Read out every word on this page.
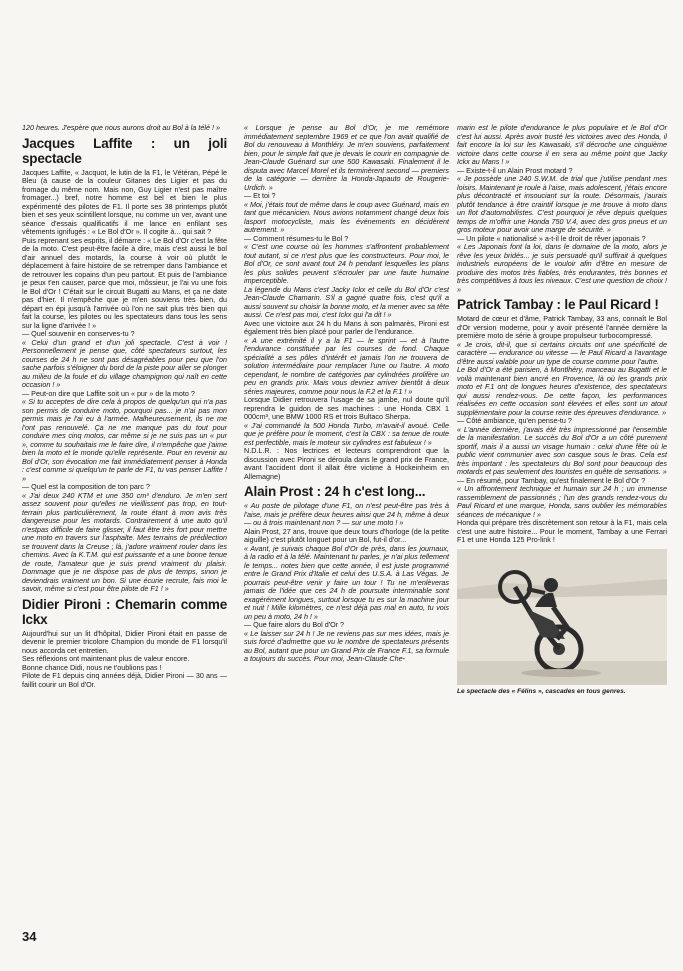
120 heures. J'espère que nous aurons droit au Bol à la télé ! »

Jacques Laffite : un joli spectacle

Jacques Laffite, « Jacquot, le lutin de la F1, le Vétéran, Pépé le Bleu (à cause de la couleur Gitanes des Ligier et pas du fromage du même nom. Mais non, Guy Ligier n'est pas maître fromager...) bref, notre homme est bel et bien le plus expérimenté des pilotes de F1. Il porte ses 38 printemps plutôt bien et ses yeux scintillent lorsque, nu comme un ver, avant une séance d'essais qualificatifs il me lance en enfilant ses vêtements ignifugés : « Le Bol d'Or ». Il cogite à... qui sait ?

Puis reprenant ses esprits, il démarre : « Le Bol d'Or c'est la fête de la moto. C'est peut-être facile à dire, mais c'est aussi le bol d'air annuel des motards, la course à voir où plutôt le déplacement à faire histoire de se retremper dans l'ambiance et de retrouver les copains d'un peu partout. Et puis de l'ambiance je peux t'en causer, parce que moi, môssieur, je l'ai vu une fois le Bol d'Or ! C'était sur le circuit Bugatti au Mans, et ça ne date pas d'hier. Il n'empêche que je m'en souviens très bien, du départ en épi jusqu'à l'arrivée où l'on ne sait plus très bien qui fait la course, les pilotes ou les spectateurs dans tous les sens sur la ligne d'arrivée ! »

— Quel souvenir en conserves-tu ?

« Celui d'un grand et d'un joli spectacle. C'est à voir ! Personnellement je pense que, côté spectateurs surtout, les courses de 24 h ne sont pas désagréables pour peu que l'on sache parfois s'éloigner du bord de la piste pour aller se plonger au milieu de la foule et du village champignon qui naît en cette occasion ! »

— Peut-on dire que Laffite soit un « pur » de la moto ?

« Si tu acceptes de dire cela à propos de quelqu'un qui n'a pas son permis de conduire moto, pourquoi pas... je n'ai pas mon permis mais je l'ai eu à l'armée. Malheureusement, ils ne me l'ont pas renouvelé. Ça ne me manque pas du tout pour conduire mes cinq motos, car même si je ne suis pas un « pur », comme tu souhaitais me le faire dire, il n'empêche que j'aime bien la moto et le monde qu'elle représente. Pour en revenir au Bol d'Or, son évocation me fait immédiatement penser à Honda : c'est comme si quelqu'un te parle de F1, tu vas penser Laffite ! »

— Quel est la composition de ton parc ?

« J'ai deux 240 KTM et une 350 cm³ d'enduro. Je m'en sert assez souvent pour qu'elles ne vieillissent pas trop, en tout-terrain plus particulièrement, la route étant à mon avis très dangereuse pour les motards. Contrairement à une auto qu'il n'estpas difficile de faire glisser, il faut être très fort pour mettre une moto en travers sur l'asphalte. Mes terrains de prédilection se trouvent dans la Creuse ; là, j'adore vraiment rouler dans les chemins. Avec la K.T.M. qui est puissante et a une bonne tenue de route, l'amateur que je suis prend vraiment du plaisir. Dommage que je ne dispose pas de plus de temps, sinon je deviendrais vraiment un bon. Si une écurie recrute, fais moi le savoir, même si c'est pour être pilote de F1 ! »

Didier Pironi : Chemarin comme Ickx

Aujourd'hui sur un lit d'hôpital, Didier Pironi était en passe de devenir le premier tricolore Champion du monde de F1 lorsqu'il nous accorda cet entretien.

Ses réflexions ont maintenant plus de valeur encore.

Bonne chance Didi, nous ne t'oublions pas !

Pilote de F1 depuis cinq années déjà, Didier Pironi — 30 ans — faillit courir un Bol d'Or.

« Lorsque je pense au Bol d'Or, je me remémore immédiatement septembre 1969 et ce que l'on avait qualifié de Bol du renouveau à Monthléry. Je m'en souviens, parfaitement bien, pour le simple fait que je devais le courir en compagnie de Jean-Claude Guénard sur une 500 Kawasaki. Finalement il le disputa avec Marcel Morel et ils terminèrent second — premiers de la catégorie — derrière la Honda-Japauto de Rougerie-Urdich. »

— Et toi ?

« Moi, j'étais tout de même dans le coup avec Guénard, mais en tant que mécanicien. Nous avions notamment changé deux fois lasport motocycliste, mais les événements en décidèrent autrement. »

— Comment résumes-tu le Bol ?

« C'est une course où les hommes s'affrontent probablement tout autant, si ce n'est plus que les constructeurs. Pour moi, le Bol d'Or, ce sont avant tout 24 h pendant lesquelles les plans les plus solides peuvent s'écrouler par une faute humaine imperceptible.

La légende du Mans c'est Jacky Ickx et celle du Bol d'Or c'est Jean-Claude Chamarin. S'il a gagné quatre fois, c'est qu'il a aussi souvent su choisir la bonne moto, et la mener avec sa tête aussi. Ce n'est pas moi, c'est Ickx qui l'a dit ! »

Avec une victoire aux 24 h du Mans à son palmarès, Pironi est également très bien placé pour parler de l'endurance.

« A une extrémité il y a la F1 — le sprint — et à l'autre l'endurance constituée par les courses de fond. Chaque spécialité a ses pôles d'intérêt et jamais l'on ne trouvera de solution intermédiaire pour remplacer l'une ou l'autre. A moto cependant, le nombre de catégories par cylindrées prolifère un peu en grands prix. Mais vous devriez arriver bientôt à deux séries majeures, comme pour nous la F.2 et la F.1 ! »

Lorsque Didier retrouvera l'usage de sa jambe, nul doute qu'il reprendra le guidon de ses machines : une Honda CBX 1 000cm³, une BMW 1000 RS et trois Bultaco Sherpa.

« J'ai commandé la 500 Honda Turbo, m'avait-il avoué. Celle que je préfère pour le moment, c'est la CBX : sa tenue de route est perfectible, mais le moteur six cylindres est fabuleux ! »

N.D.L.R. : Nos lectrices et lecteurs comprendront que la discussion avec Pironi se déroula dans le grand prix de France, avant l'accident dont il allait être victime à Hockeinheim en Allemagne)

Alain Prost : 24 h c'est long...

« Au poste de pilotage d'une F1, on n'est peut-être pas très à l'aise, mais je préfère deux heures ainsi que 24 h, même à deux — ou à trois maintenant non ? — sur une moto ! »

Alain Prost, 27 ans, trouve que deux tours d'horloge (de la petite aiguille) c'est plutôt longuet pour un Bol, fut-il d'or...

« Avant, je suivais chaque Bol d'Or de près, dans les journaux, à la radio et à la télé. Maintenant tu parles, je n'ai plus tellement le temps... notes bien que cette année, il est juste programmé entre le Grand Prix d'Italie et celui des U.S.A. à Las Végas. Je pourrais peut-être venir y faire un tour ! Tu ne m'enlèveras jamais de l'idée que ces 24 h de poursuite interminable sont exagérément longues, surtout lorsque tu es sur la machine jour et nuit ! Mille kilomètres, ce n'est déjà pas mal en auto, tu vois un peu à moto, 24 h ! »

— Que faire alors du Bol d'Or ?

« Le laisser sur 24 h ! Je ne reviens pas sur mes idées, mais je suis forcé d'admettre que vu le nombre de spectateurs présents au Bol, autant que pour un Grand Prix de France F.1, sa formule a toujours du succès. Pour moi, Jean-Claude Che-

marin est le pilote d'endurance le plus populaire et le Bol d'Or c'est lui aussi. Après avoir trusté les victoires avec des Honda, il fait encore la loi sur les Kawasaki, s'il décroche une cinquième victoire dans cette course il en sera au même point que Jacky Ickx au Mans ! »

— Existe-t-il un Alain Prost motard ?

« Je possède une 240 S.W.M. de trial que j'utilise pendant mes loisirs. Maintenant je roule à l'aise, mais adolescent, j'étais encore plus décontracté et insouciant sur la route. Désormais, j'aurais plutôt tendance à être craintif lorsque je me trouve à moto dans un flot d'automobilistes. C'est pourquoi je rêve depuis quelques temps de m'offrir une Honda 750 V.4, avec des gros pneus et un gros moteur pour avoir une marge de sécurité. »

— Un pilote « nationalisé » a-t-il le droit de rêver japonais ?

« Les Japonais font la loi, dans le domaine de la moto, alors je rêve les yeux bridés... je suis persuadé qu'il suffirait à quelques industriels européens de le vouloir afin d'être en mesure de produire des motos très fiables, très endurantes, très bonnes et très compétitives à tous les niveaux. C'est une question de choix ! »

Patrick Tambay : le Paul Ricard !

Motard de cœur et d'âme, Patrick Tambay, 33 ans, connaît le Bol d'Or version moderne, pour y avoir présenté l'année dernière la première moto de série à groupe propulseur turbocompressé.

« Je crois, dit-il, que si certains circuits ont une spécificité de caractère — endurance ou vitesse — le Paul Ricard a l'avantage d'être aussi valable pour un type de course comme pour l'autre.

Le Bol d'Or a été parisien, à Montlhéry, manceau au Bugatti et le voilà maintenant bien ancré en Provence, là où les grands prix moto et F.1 ont de longues heures d'existence, des spectateurs qui aussi rendez-vous. De cette façon, les performances réalisées en cette occasion sont élevées et elles sont un atout supplémentaire pour la course reine des épreuves d'endurance. »

— Côté ambiance, qu'en pense-tu ?

« L'année dernière, j'avais été très impressionné par l'ensemble de la manifestation. Le succès du Bol d'Or a un côté purement sportif, mais il a aussi un visage humain : celui d'une fête où le public vient communier avec son casque sous le bras. Cela est très important : les spectateurs du Bol sont pour beaucoup des motards et pas seulement des touristes en quête de sensations. »

— En résumé, pour Tambay, qu'est finalement le Bol d'Or ?

« Un affrontement technique et humain sur 24 h ; un immense rassemblement de passionnés ; l'un des grands rendez-vous du Paul Ricard et une marque, Honda, sans oublier les mémorables séances de mécanique ! »

Honda qui prépare très discrètement son retour à la F1, mais cela c'est une autre histoire... Pour le moment, Tambay a une Ferrari F1 et une Honda 125 Pro-link !

Le spectacle des « Félins », cascades en tous genres.

34
